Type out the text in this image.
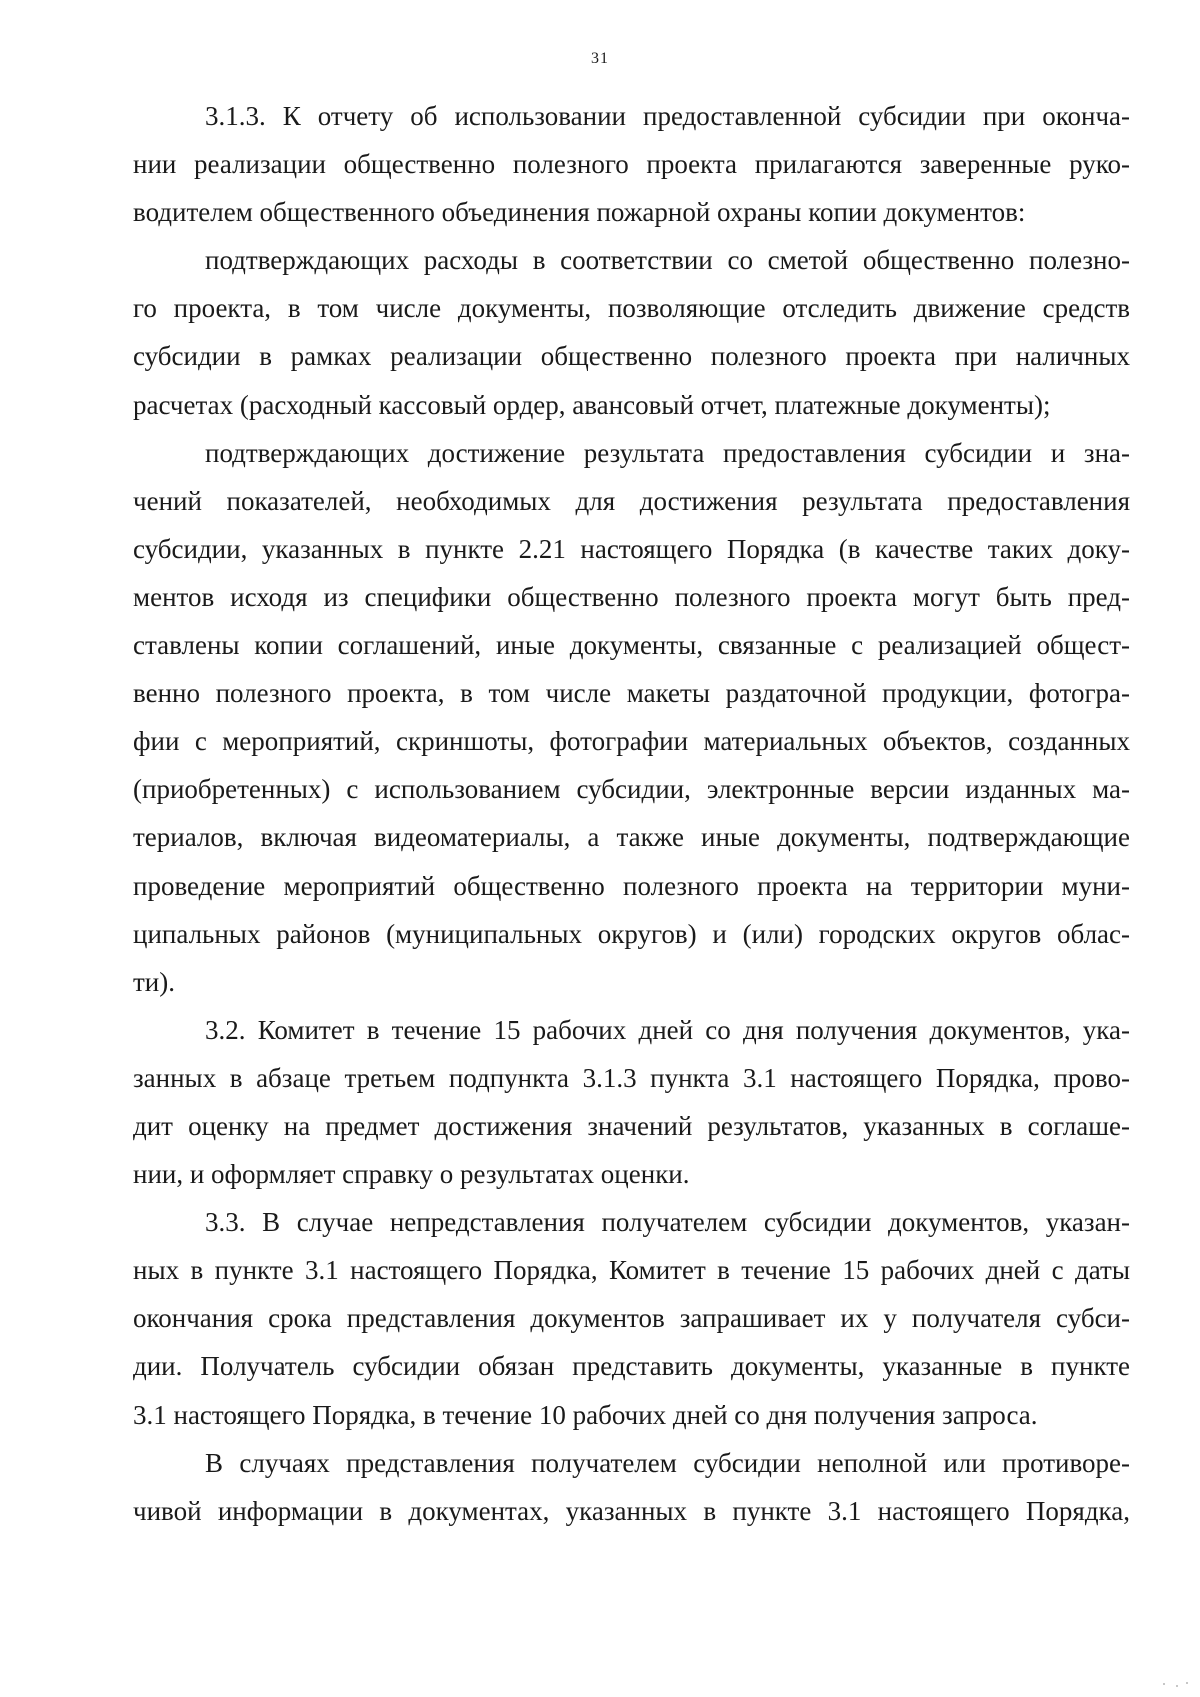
31
3.1.3. К отчету об использовании предоставленной субсидии при оконча-
нии реализации общественно полезного проекта прилагаются заверенные руко-
водителем общественного объединения пожарной охраны копии документов:
подтверждающих расходы в соответствии со сметой общественно полезно-
го проекта, в том числе документы, позволяющие отследить движение средств
субсидии в рамках реализации общественно полезного проекта при наличных
расчетах (расходный кассовый ордер, авансовый отчет, платежные документы);
подтверждающих достижение результата предоставления субсидии и зна-
чений показателей, необходимых для достижения результата предоставления
субсидии, указанных в пункте 2.21 настоящего Порядка (в качестве таких доку-
ментов исходя из специфики общественно полезного проекта могут быть пред-
ставлены копии соглашений, иные документы, связанные с реализацией общест-
венно полезного проекта, в том числе макеты раздаточной продукции, фотогра-
фии с мероприятий, скриншоты, фотографии материальных объектов, созданных
(приобретенных) с использованием субсидии, электронные версии изданных ма-
териалов, включая видеоматериалы, а также иные документы, подтверждающие
проведение мероприятий общественно полезного проекта на территории муни-
ципальных районов (муниципальных округов) и (или) городских округов облас-
ти).
3.2. Комитет в течение 15 рабочих дней со дня получения документов, ука-
занных в абзаце третьем подпункта 3.1.3 пункта 3.1 настоящего Порядка, прово-
дит оценку на предмет достижения значений результатов, указанных в соглаше-
нии, и оформляет справку о результатах оценки.
3.3. В случае непредставления получателем субсидии документов, указан-
ных в пункте 3.1 настоящего Порядка, Комитет в течение 15 рабочих дней с даты
окончания срока представления документов запрашивает их у получателя субси-
дии. Получатель субсидии обязан представить документы, указанные в пункте
3.1 настоящего Порядка, в течение 10 рабочих дней со дня получения запроса.
В случаях представления получателем субсидии неполной или противоре-
чивой информации в документах, указанных в пункте 3.1 настоящего Порядка,
